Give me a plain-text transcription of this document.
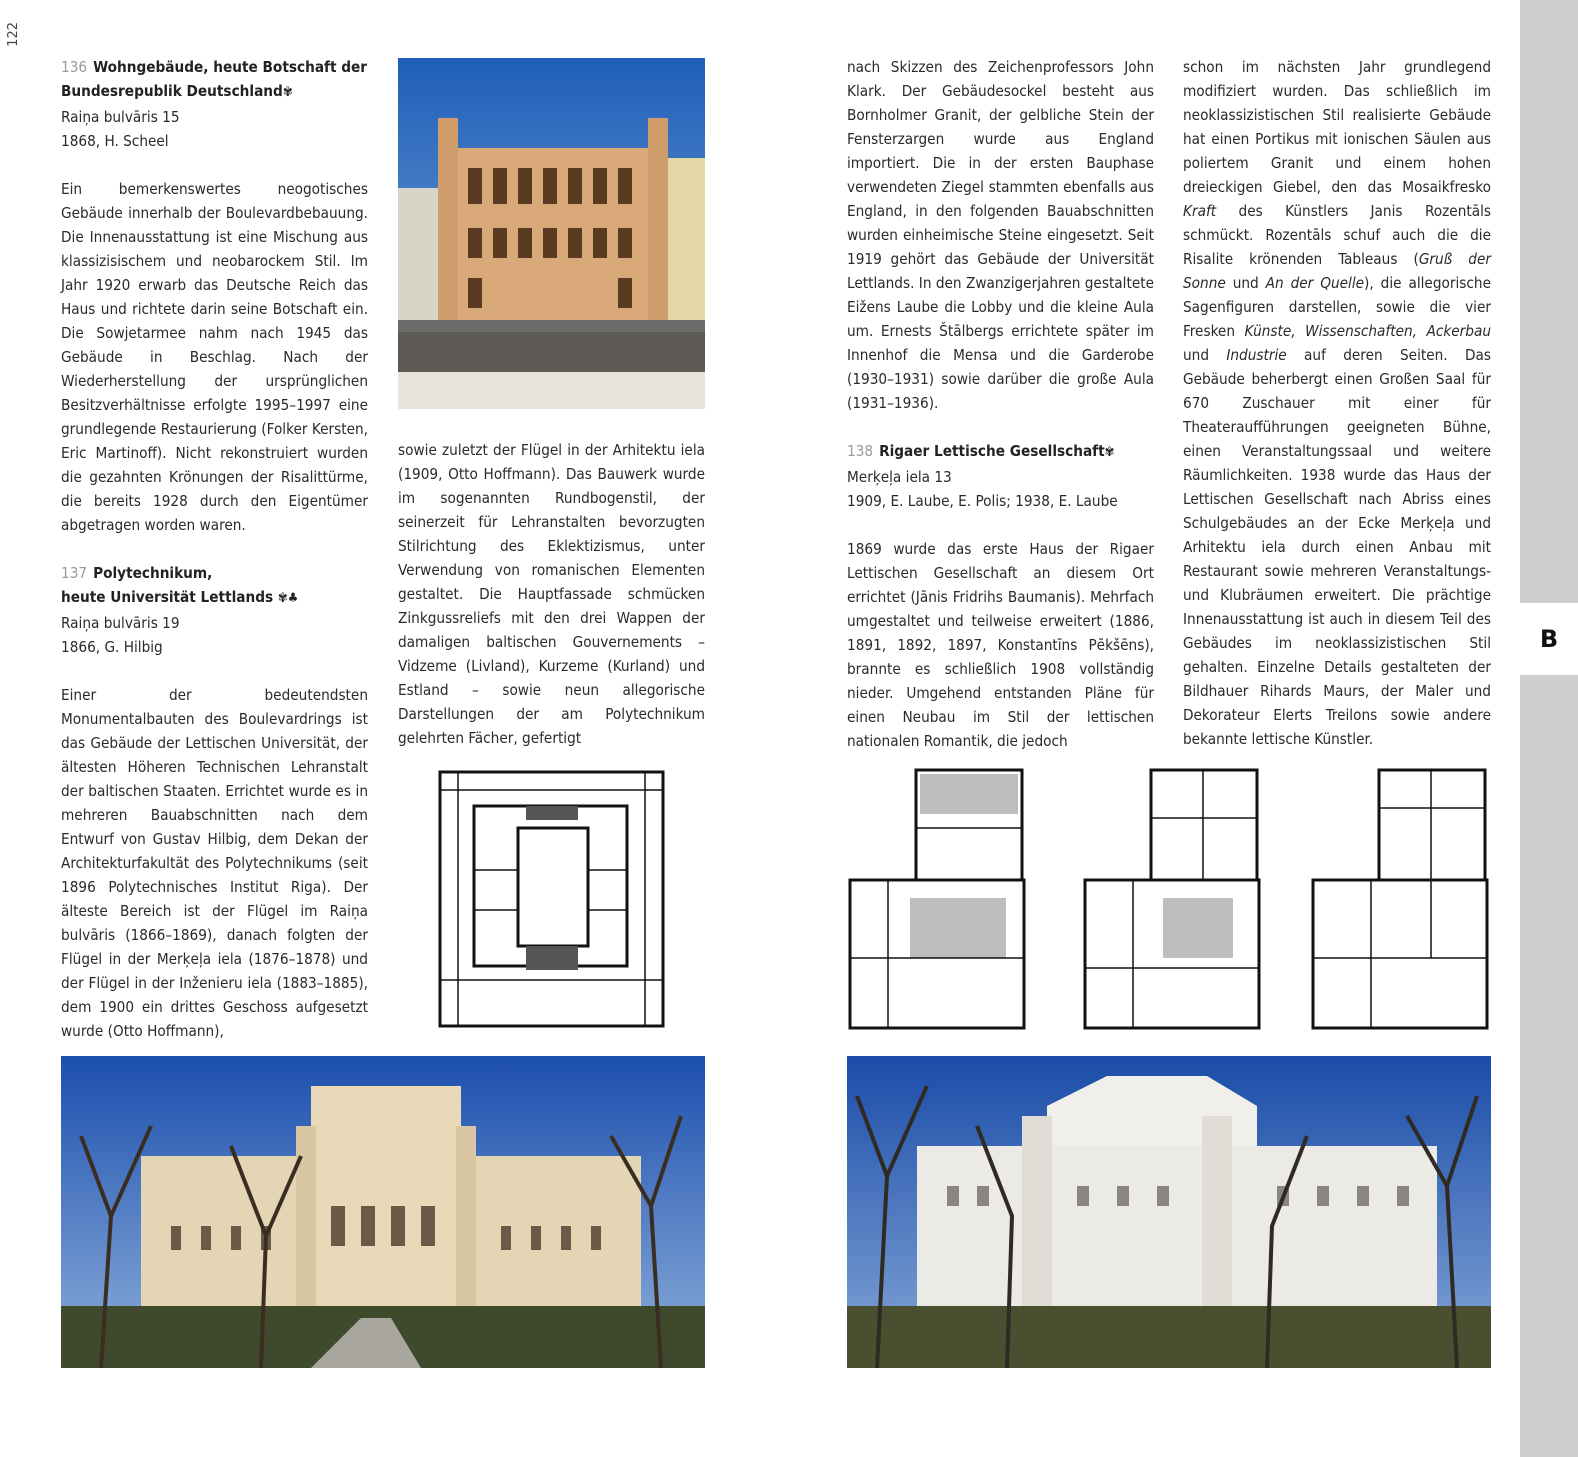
122
B
136 Wohngebäude, heute Botschaft der
Bundesrepublik Deutschland✾
Raiņa bulvāris 15
1868, H. Scheel

Ein bemerkenswertes neogotisches Gebäude innerhalb der Boulevardbebauung. Die Innenausstattung ist eine Mischung aus klassizisischem und neobarockem Stil. Im Jahr 1920 erwarb das Deutsche Reich das Haus und richtete darin seine Botschaft ein. Die Sowjetarmee nahm nach 1945 das Gebäude in Beschlag. Nach der Wiederherstellung der ursprünglichen Besitzverhältnisse erfolgte 1995–1997 eine grundlegende Restaurierung (Folker Kersten, Eric Martinoff). Nicht rekonstruiert wurden die gezahnten Krönungen der Risalittürme, die bereits 1928 durch den Eigentümer abgetragen worden waren.

137 Polytechnikum,
heute Universität Lettlands ✾♣
Raiņa bulvāris 19
1866, G. Hilbig

Einer der bedeutendsten Monumentalbauten des Boulevardrings ist das Gebäude der Lettischen Universität, der ältesten Höheren Technischen Lehranstalt der baltischen Staaten. Errichtet wurde es in mehreren Bauabschnitten nach dem Entwurf von Gustav Hilbig, dem Dekan der Architekturfakultät des Polytechnikums (seit 1896 Polytechnisches Institut Riga). Der älteste Bereich ist der Flügel im Raiņa bulvāris (1866–1869), danach folgten der Flügel in der Merķeļa iela (1876–1878) und der Flügel in der Inženieru iela (1883–1885), dem 1900 ein drittes Geschoss aufgesetzt wurde (Otto Hoffmann),

sowie zuletzt der Flügel in der Arhitektu iela (1909, Otto Hoffmann). Das Bauwerk wurde im sogenannten Rundbogenstil, der seinerzeit für Lehranstalten bevorzugten Stilrichtung des Eklektizismus, unter Verwendung von romanischen Elementen gestaltet. Die Hauptfassade schmücken Zinkgussreliefs mit den drei Wappen der damaligen baltischen Gouvernements – Vidzeme (Livland), Kurzeme (Kurland) und Estland – sowie neun allegorische Darstellungen der am Polytechnikum gelehrten Fächer, gefertigt

nach Skizzen des Zeichenprofessors John Klark. Der Gebäudesockel besteht aus Bornholmer Granit, der gelbliche Stein der Fensterzargen wurde aus England importiert. Die in der ersten Bauphase verwendeten Ziegel stammten ebenfalls aus England, in den folgenden Bauabschnitten wurden einheimische Steine eingesetzt. Seit 1919 gehört das Gebäude der Universität Lettlands. In den Zwanzigerjahren gestaltete Eižens Laube die Lobby und die kleine Aula um. Ernests Štālbergs errichtete später im Innenhof die Mensa und die Garderobe (1930–1931) sowie darüber die große Aula (1931–1936).

138 Rigaer Lettische Gesellschaft✾
Merķeļa iela 13
1909, E. Laube, E. Polis; 1938, E. Laube

1869 wurde das erste Haus der Rigaer Lettischen Gesellschaft an diesem Ort errichtet (Jānis Fridrihs Baumanis). Mehrfach umgestaltet und teilweise erweitert (1886, 1891, 1892, 1897, Konstantīns Pēkšēns), brannte es schließlich 1908 vollständig nieder. Umgehend entstanden Pläne für einen Neubau im Stil der lettischen nationalen Romantik, die jedoch

schon im nächsten Jahr grundlegend modifiziert wurden. Das schließlich im neoklassizistischen Stil realisierte Gebäude hat einen Portikus mit ionischen Säulen aus poliertem Granit und einem hohen dreieckigen Giebel, den das Mosaikfresko Kraft des Künstlers Janis Rozentāls schmückt. Rozentāls schuf auch die die Risalite krönenden Tableaus (Gruß der Sonne und An der Quelle), die allegorische Sagenfiguren darstellen, sowie die vier Fresken Künste, Wissenschaften, Ackerbau und Industrie auf deren Seiten. Das Gebäude beherbergt einen Großen Saal für 670 Zuschauer mit einer für Theateraufführungen geeigneten Bühne, einen Veranstaltungssaal und weitere Räumlichkeiten. 1938 wurde das Haus der Lettischen Gesellschaft nach Abriss eines Schulgebäudes an der Ecke Merķeļa und Arhitektu iela durch einen Anbau mit Restaurant sowie mehreren Veranstaltungs- und Klubräumen erweitert. Die prächtige Innenausstattung ist auch in diesem Teil des Gebäudes im neoklassizistischen Stil gehalten. Einzelne Details gestalteten der Bildhauer Rihards Maurs, der Maler und Dekorateur Elerts Treilons sowie andere bekannte lettische Künstler.
